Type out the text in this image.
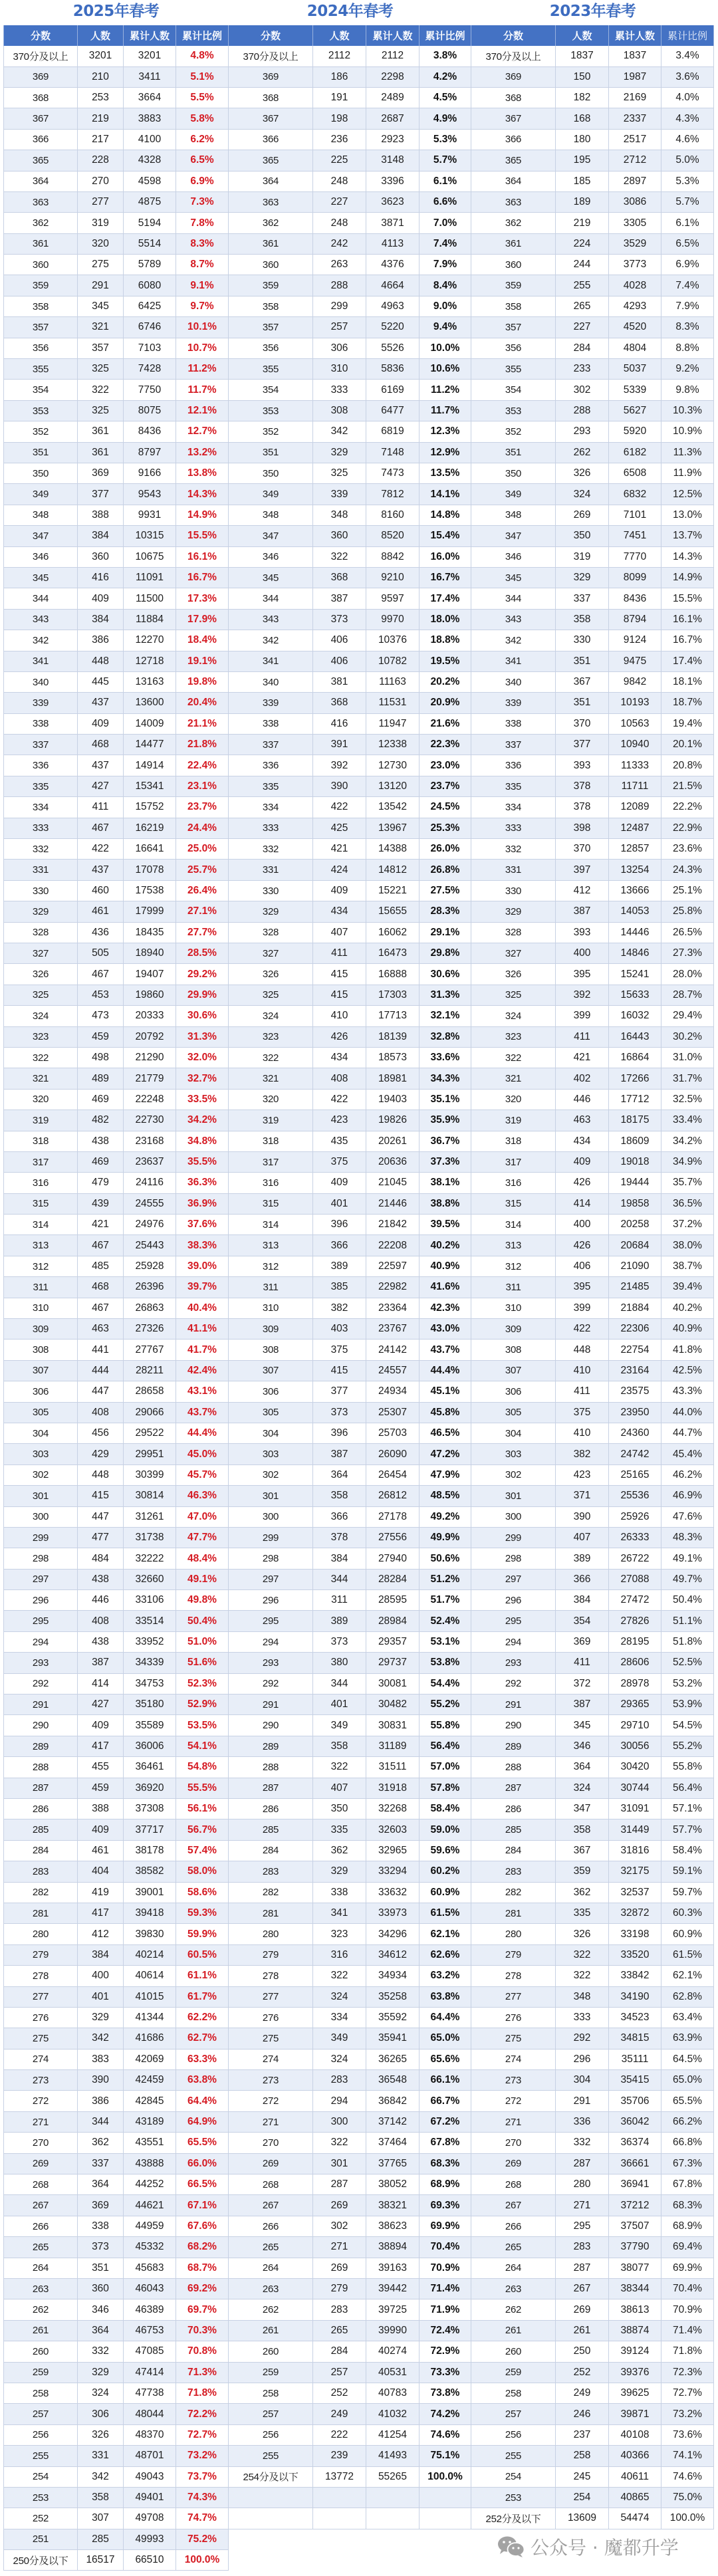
2025年春考
分数	人数	累计人数	累计比例
370分及以上	3201	3201	4.8%
369	210	3411	5.1%
368	253	3664	5.5%
367	219	3883	5.8%
366	217	4100	6.2%
365	228	4328	6.5%
364	270	4598	6.9%
363	277	4875	7.3%
362	319	5194	7.8%
361	320	5514	8.3%
360	275	5789	8.7%
359	291	6080	9.1%
358	345	6425	9.7%
357	321	6746	10.1%
356	357	7103	10.7%
355	325	7428	11.2%
354	322	7750	11.7%
353	325	8075	12.1%
352	361	8436	12.7%
351	361	8797	13.2%
350	369	9166	13.8%
349	377	9543	14.3%
348	388	9931	14.9%
347	384	10315	15.5%
346	360	10675	16.1%
345	416	11091	16.7%
344	409	11500	17.3%
343	384	11884	17.9%
342	386	12270	18.4%
341	448	12718	19.1%
340	445	13163	19.8%
339	437	13600	20.4%
338	409	14009	21.1%
337	468	14477	21.8%
336	437	14914	22.4%
335	427	15341	23.1%
334	411	15752	23.7%
333	467	16219	24.4%
332	422	16641	25.0%
331	437	17078	25.7%
330	460	17538	26.4%
329	461	17999	27.1%
328	436	18435	27.7%
327	505	18940	28.5%
326	467	19407	29.2%
325	453	19860	29.9%
324	473	20333	30.6%
323	459	20792	31.3%
322	498	21290	32.0%
321	489	21779	32.7%
320	469	22248	33.5%
319	482	22730	34.2%
318	438	23168	34.8%
317	469	23637	35.5%
316	479	24116	36.3%
315	439	24555	36.9%
314	421	24976	37.6%
313	467	25443	38.3%
312	485	25928	39.0%
311	468	26396	39.7%
310	467	26863	40.4%
309	463	27326	41.1%
308	441	27767	41.7%
307	444	28211	42.4%
306	447	28658	43.1%
305	408	29066	43.7%
304	456	29522	44.4%
303	429	29951	45.0%
302	448	30399	45.7%
301	415	30814	46.3%
300	447	31261	47.0%
299	477	31738	47.7%
298	484	32222	48.4%
297	438	32660	49.1%
296	446	33106	49.8%
295	408	33514	50.4%
294	438	33952	51.0%
293	387	34339	51.6%
292	414	34753	52.3%
291	427	35180	52.9%
290	409	35589	53.5%
289	417	36006	54.1%
288	455	36461	54.8%
287	459	36920	55.5%
286	388	37308	56.1%
285	409	37717	56.7%
284	461	38178	57.4%
283	404	38582	58.0%
282	419	39001	58.6%
281	417	39418	59.3%
280	412	39830	59.9%
279	384	40214	60.5%
278	400	40614	61.1%
277	401	41015	61.7%
276	329	41344	62.2%
275	342	41686	62.7%
274	383	42069	63.3%
273	390	42459	63.8%
272	386	42845	64.4%
271	344	43189	64.9%
270	362	43551	65.5%
269	337	43888	66.0%
268	364	44252	66.5%
267	369	44621	67.1%
266	338	44959	67.6%
265	373	45332	68.2%
264	351	45683	68.7%
263	360	46043	69.2%
262	346	46389	69.7%
261	364	46753	70.3%
260	332	47085	70.8%
259	329	47414	71.3%
258	324	47738	71.8%
257	306	48044	72.2%
256	326	48370	72.7%
255	331	48701	73.2%
254	342	49043	73.7%
253	358	49401	74.3%
252	307	49708	74.7%
251	285	49993	75.2%
250分及以下	16517	66510	100.0%
2024年春考
分数	人数	累计人数	累计比例
370分及以上	2112	2112	3.8%
369	186	2298	4.2%
368	191	2489	4.5%
367	198	2687	4.9%
366	236	2923	5.3%
365	225	3148	5.7%
364	248	3396	6.1%
363	227	3623	6.6%
362	248	3871	7.0%
361	242	4113	7.4%
360	263	4376	7.9%
359	288	4664	8.4%
358	299	4963	9.0%
357	257	5220	9.4%
356	306	5526	10.0%
355	310	5836	10.6%
354	333	6169	11.2%
353	308	6477	11.7%
352	342	6819	12.3%
351	329	7148	12.9%
350	325	7473	13.5%
349	339	7812	14.1%
348	348	8160	14.8%
347	360	8520	15.4%
346	322	8842	16.0%
345	368	9210	16.7%
344	387	9597	17.4%
343	373	9970	18.0%
342	406	10376	18.8%
341	406	10782	19.5%
340	381	11163	20.2%
339	368	11531	20.9%
338	416	11947	21.6%
337	391	12338	22.3%
336	392	12730	23.0%
335	390	13120	23.7%
334	422	13542	24.5%
333	425	13967	25.3%
332	421	14388	26.0%
331	424	14812	26.8%
330	409	15221	27.5%
329	434	15655	28.3%
328	407	16062	29.1%
327	411	16473	29.8%
326	415	16888	30.6%
325	415	17303	31.3%
324	410	17713	32.1%
323	426	18139	32.8%
322	434	18573	33.6%
321	408	18981	34.3%
320	422	19403	35.1%
319	423	19826	35.9%
318	435	20261	36.7%
317	375	20636	37.3%
316	409	21045	38.1%
315	401	21446	38.8%
314	396	21842	39.5%
313	366	22208	40.2%
312	389	22597	40.9%
311	385	22982	41.6%
310	382	23364	42.3%
309	403	23767	43.0%
308	375	24142	43.7%
307	415	24557	44.4%
306	377	24934	45.1%
305	373	25307	45.8%
304	396	25703	46.5%
303	387	26090	47.2%
302	364	26454	47.9%
301	358	26812	48.5%
300	366	27178	49.2%
299	378	27556	49.9%
298	384	27940	50.6%
297	344	28284	51.2%
296	311	28595	51.7%
295	389	28984	52.4%
294	373	29357	53.1%
293	380	29737	53.8%
292	344	30081	54.4%
291	401	30482	55.2%
290	349	30831	55.8%
289	358	31189	56.4%
288	322	31511	57.0%
287	407	31918	57.8%
286	350	32268	58.4%
285	335	32603	59.0%
284	362	32965	59.6%
283	329	33294	60.2%
282	338	33632	60.9%
281	341	33973	61.5%
280	323	34296	62.1%
279	316	34612	62.6%
278	322	34934	63.2%
277	324	35258	63.8%
276	334	35592	64.4%
275	349	35941	65.0%
274	324	36265	65.6%
273	283	36548	66.1%
272	294	36842	66.7%
271	300	37142	67.2%
270	322	37464	67.8%
269	301	37765	68.3%
268	287	38052	68.9%
267	269	38321	69.3%
266	302	38623	69.9%
265	271	38894	70.4%
264	269	39163	70.9%
263	279	39442	71.4%
262	283	39725	71.9%
261	265	39990	72.4%
260	284	40274	72.9%
259	257	40531	73.3%
258	252	40783	73.8%
257	249	41032	74.2%
256	222	41254	74.6%
255	239	41493	75.1%
254分及以下	13772	55265	100.0%
2023年春考
分数	人数	累计人数	累计比例
370分及以上	1837	1837	3.4%
369	150	1987	3.6%
368	182	2169	4.0%
367	168	2337	4.3%
366	180	2517	4.6%
365	195	2712	5.0%
364	185	2897	5.3%
363	189	3086	5.7%
362	219	3305	6.1%
361	224	3529	6.5%
360	244	3773	6.9%
359	255	4028	7.4%
358	265	4293	7.9%
357	227	4520	8.3%
356	284	4804	8.8%
355	233	5037	9.2%
354	302	5339	9.8%
353	288	5627	10.3%
352	293	5920	10.9%
351	262	6182	11.3%
350	326	6508	11.9%
349	324	6832	12.5%
348	269	7101	13.0%
347	350	7451	13.7%
346	319	7770	14.3%
345	329	8099	14.9%
344	337	8436	15.5%
343	358	8794	16.1%
342	330	9124	16.7%
341	351	9475	17.4%
340	367	9842	18.1%
339	351	10193	18.7%
338	370	10563	19.4%
337	377	10940	20.1%
336	393	11333	20.8%
335	378	11711	21.5%
334	378	12089	22.2%
333	398	12487	22.9%
332	370	12857	23.6%
331	397	13254	24.3%
330	412	13666	25.1%
329	387	14053	25.8%
328	393	14446	26.5%
327	400	14846	27.3%
326	395	15241	28.0%
325	392	15633	28.7%
324	399	16032	29.4%
323	411	16443	30.2%
322	421	16864	31.0%
321	402	17266	31.7%
320	446	17712	32.5%
319	463	18175	33.4%
318	434	18609	34.2%
317	409	19018	34.9%
316	426	19444	35.7%
315	414	19858	36.5%
314	400	20258	37.2%
313	426	20684	38.0%
312	406	21090	38.7%
311	395	21485	39.4%
310	399	21884	40.2%
309	422	22306	40.9%
308	448	22754	41.8%
307	410	23164	42.5%
306	411	23575	43.3%
305	375	23950	44.0%
304	410	24360	44.7%
303	382	24742	45.4%
302	423	25165	46.2%
301	371	25536	46.9%
300	390	25926	47.6%
299	407	26333	48.3%
298	389	26722	49.1%
297	366	27088	49.7%
296	384	27472	50.4%
295	354	27826	51.1%
294	369	28195	51.8%
293	411	28606	52.5%
292	372	28978	53.2%
291	387	29365	53.9%
290	345	29710	54.5%
289	346	30056	55.2%
288	364	30420	55.8%
287	324	30744	56.4%
286	347	31091	57.1%
285	358	31449	57.7%
284	367	31816	58.4%
283	359	32175	59.1%
282	362	32537	59.7%
281	335	32872	60.3%
280	326	33198	60.9%
279	322	33520	61.5%
278	322	33842	62.1%
277	348	34190	62.8%
276	333	34523	63.4%
275	292	34815	63.9%
274	296	35111	64.5%
273	304	35415	65.0%
272	291	35706	65.5%
271	336	36042	66.2%
270	332	36374	66.8%
269	287	36661	67.3%
268	280	36941	67.8%
267	271	37212	68.3%
266	295	37507	68.9%
265	283	37790	69.4%
264	287	38077	69.9%
263	267	38344	70.4%
262	269	38613	70.9%
261	261	38874	71.4%
260	250	39124	71.8%
259	252	39376	72.3%
258	249	39625	72.7%
257	246	39871	73.2%
256	237	40108	73.6%
255	258	40366	74.1%
254	245	40611	74.6%
253	254	40865	75.0%
252分及以下	13609	54474	100.0%
公众号 · 魔都升学
